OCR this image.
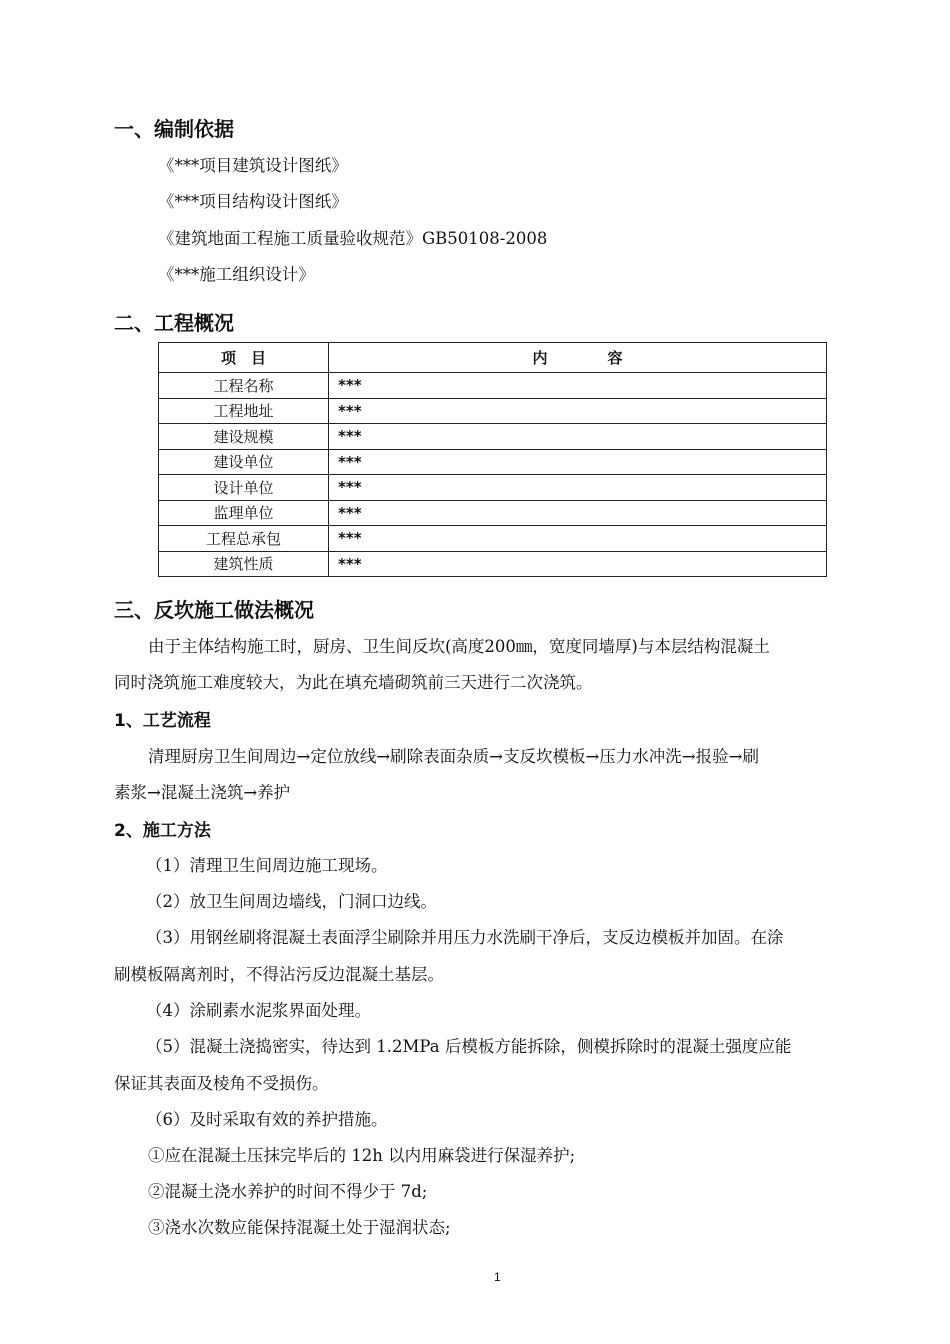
一、编制依据
《***项目建筑设计图纸》
《***项目结构设计图纸》
《建筑地面工程施工质量验收规范》GB50108-2008
《***施工组织设计》
二、工程概况
项　目	内　　　　容
工程名称	***
工程地址	***
建设规模	***
建设单位	***
设计单位	***
监理单位	***
工程总承包	***
建筑性质	***
三、反坎施工做法概况
由于主体结构施工时，厨房、卫生间反坎(高度200㎜，宽度同墙厚)与本层结构混凝土
同时浇筑施工难度较大，为此在填充墙砌筑前三天进行二次浇筑。
1、工艺流程
清理厨房卫生间周边→定位放线→刷除表面杂质→支反坎模板→压力水冲洗→报验→刷
素浆→混凝土浇筑→养护
2、施工方法
（1）清理卫生间周边施工现场。
（2）放卫生间周边墙线，门洞口边线。
（3）用钢丝刷将混凝土表面浮尘刷除并用压力水洗刷干净后，支反边模板并加固。在涂
刷模板隔离剂时，不得沾污反边混凝土基层。
（4）涂刷素水泥浆界面处理。
（5）混凝土浇捣密实，待达到 1.2MPa 后模板方能拆除，侧模拆除时的混凝土强度应能
保证其表面及棱角不受损伤。
（6）及时采取有效的养护措施。
①应在混凝土压抹完毕后的 12h 以内用麻袋进行保湿养护;
②混凝土浇水养护的时间不得少于 7d;
③浇水次数应能保持混凝土处于湿润状态;
1
